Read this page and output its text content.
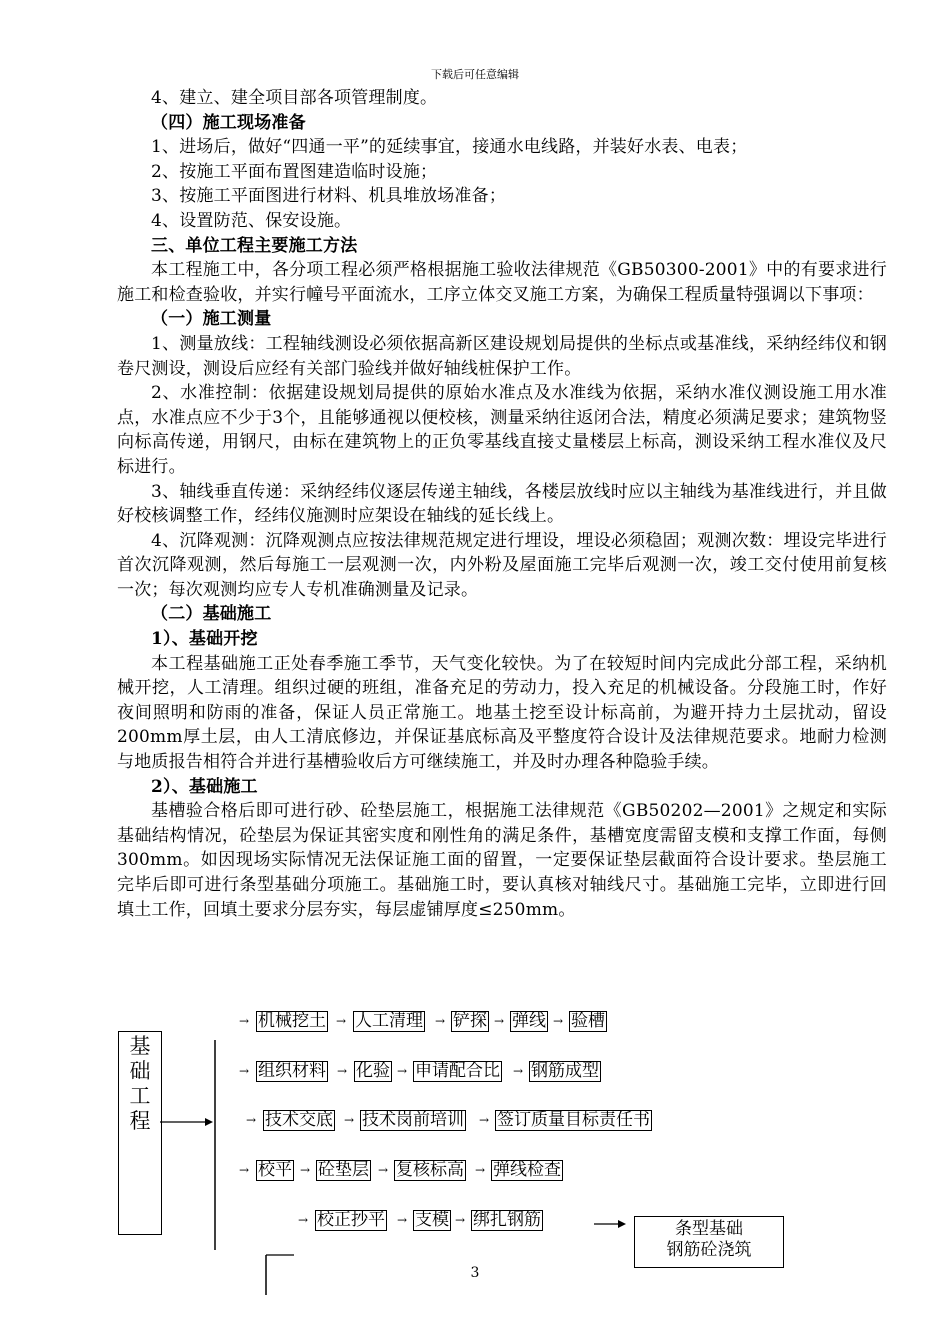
下载后可任意编辑

4、建立、建全项目部各项管理制度。

（四）施工现场准备

1、进场后，做好“四通一平”的延续事宜，接通水电线路，并装好水表、电表；

2、按施工平面布置图建造临时设施；

3、按施工平面图进行材料、机具堆放场准备；

4、设置防范、保安设施。

三、单位工程主要施工方法

本工程施工中，各分项工程必须严格根据施工验收法律规范《GB50300-2001》中的有要求进行施工和检查验收，并实行幢号平面流水，工序立体交叉施工方案，为确保工程质量特强调以下事项：

（一）施工测量

1、测量放线：工程轴线测设必须依据高新区建设规划局提供的坐标点或基准线，采纳经纬仪和钢卷尺测设，测设后应经有关部门验线并做好轴线桩保护工作。

2、水准控制：依据建设规划局提供的原始水准点及水准线为依据，采纳水准仪测设施工用水准点，水准点应不少于3个，且能够通视以便校核，测量采纳往返闭合法，精度必须满足要求；建筑物竖向标高传递，用钢尺，由标在建筑物上的正负零基线直接丈量楼层上标高，测设采纳工程水准仪及尺标进行。

3、轴线垂直传递：采纳经纬仪逐层传递主轴线，各楼层放线时应以主轴线为基准线进行，并且做好校核调整工作，经纬仪施测时应架设在轴线的延长线上。

4、沉降观测：沉降观测点应按法律规范规定进行埋设，埋设必须稳固；观测次数：埋设完毕进行首次沉降观测，然后每施工一层观测一次，内外粉及屋面施工完毕后观测一次，竣工交付使用前复核一次；每次观测均应专人专机准确测量及记录。

（二）基础施工

1）、基础开挖

本工程基础施工正处春季施工季节，天气变化较快。为了在较短时间内完成此分部工程，采纳机械开挖，人工清理。组织过硬的班组，准备充足的劳动力，投入充足的机械设备。分段施工时，作好夜间照明和防雨的准备，保证人员正常施工。地基土挖至设计标高前，为避开持力土层扰动，留设200mm厚土层，由人工清底修边，并保证基底标高及平整度符合设计及法律规范要求。地耐力检测与地质报告相符合并进行基槽验收后方可继续施工，并及时办理各种隐验手续。

2）、基础施工

基槽验合格后即可进行砂、砼垫层施工，根据施工法律规范《GB50202—2001》之规定和实际基础结构情况，砼垫层为保证其密实度和刚性角的满足条件，基槽宽度需留支模和支撑工作面，每侧300mm。如因现场实际情况无法保证施工面的留置，一定要保证垫层截面符合设计要求。垫层施工完毕后即可进行条型基础分项施工。基础施工时，要认真核对轴线尺寸。基础施工完毕，立即进行回填土工作，回填土要求分层夯实，每层虚铺厚度≤250mm。

基
础
工
程
→ 机械挖土 → 人工清理 → 铲探 → 弹线 → 验槽
→ 组织材料 → 化验 → 申请配合比 → 钢筋成型
→ 技术交底 → 技术岗前培训 → 签订质量目标责任书
→ 校平 → 砼垫层 → 复核标高 → 弹线检查
→ 校正抄平 → 支模 → 绑扎钢筋	条型基础
钢筋砼浇筑
3
